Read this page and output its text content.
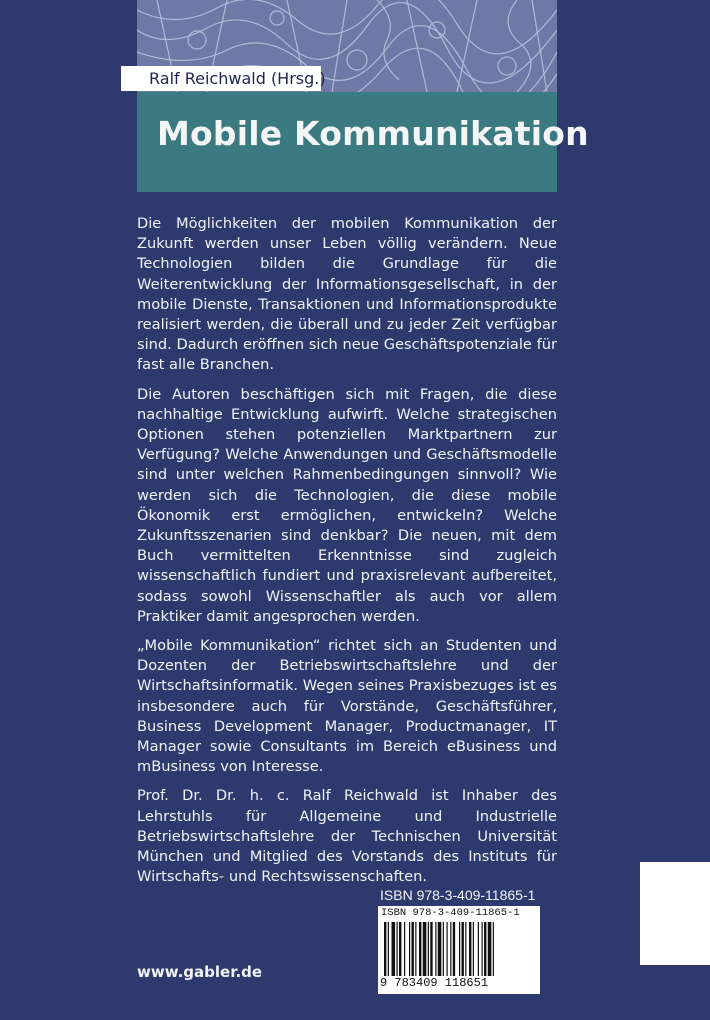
Ralf Reichwald (Hrsg.)
Mobile Kommunikation

Die Möglichkeiten der mobilen Kommunikation der Zukunft werden unser Leben völlig verändern. Neue Technologien bilden die Grundlage für die Weiterentwicklung der Informationsgesellschaft, in der mobile Dienste, Transaktionen und Informationsprodukte realisiert werden, die überall und zu jeder Zeit verfügbar sind. Dadurch eröffnen sich neue Geschäftspotenziale für fast alle Branchen.

Die Autoren beschäftigen sich mit Fragen, die diese nachhaltige Entwicklung aufwirft. Welche strategischen Optionen stehen potenziellen Marktpartnern zur Verfügung? Welche Anwendungen und Geschäftsmodelle sind unter welchen Rahmenbedingungen sinnvoll? Wie werden sich die Technologien, die diese mobile Ökonomik erst ermöglichen, entwickeln? Welche Zukunftsszenarien sind denkbar? Die neuen, mit dem Buch vermittelten Erkenntnisse sind zugleich wissenschaftlich fundiert und praxisrelevant aufbereitet, sodass sowohl Wissenschaftler als auch vor allem Praktiker damit angesprochen werden.

„Mobile Kommunikation“ richtet sich an Studenten und Dozenten der Betriebswirtschaftslehre und der Wirtschaftsinformatik. Wegen seines Praxisbezuges ist es insbesondere auch für Vorstände, Geschäftsführer, Business Development Manager, Productmanager, IT Manager sowie Consultants im Bereich eBusiness und mBusiness von Interesse.

Prof. Dr. Dr. h. c. Ralf Reichwald ist Inhaber des Lehrstuhls für Allgemeine und Industrielle Betriebswirtschaftslehre der Technischen Universität München und Mitglied des Vorstands des Instituts für Wirtschafts- und Rechtswissenschaften.

ISBN 978-3-409-11865-1
ISBN 978-3-409-11865-1
9 783409 118651
www.gabler.de
